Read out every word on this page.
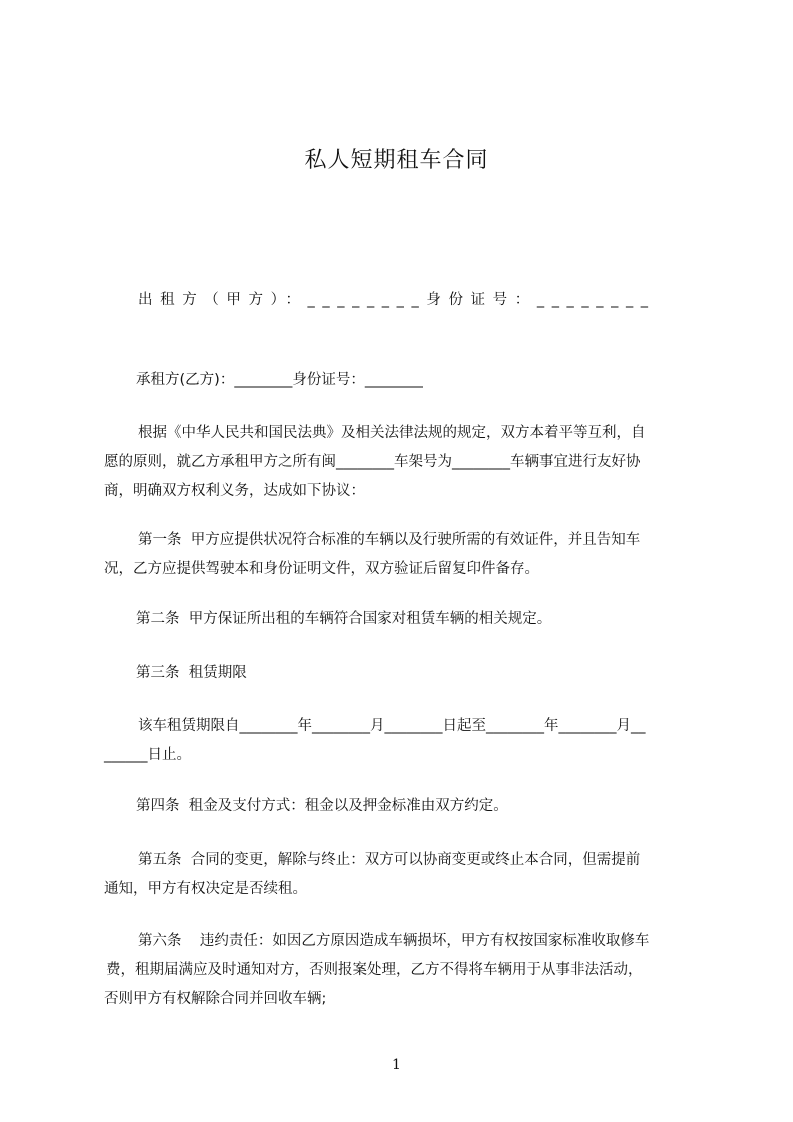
私人短期租车合同
出租方（甲方）：________身份证号：________
承租方(乙方)：________身份证号：________
根据《中华人民共和国民法典》及相关法律法规的规定，双方本着平等互利，自
愿的原则，就乙方承租甲方之所有闽________车架号为________车辆事宜进行友好协
商，明确双方权利义务，达成如下协议：
第一条  甲方应提供状况符合标准的车辆以及行驶所需的有效证件，并且告知车
况，乙方应提供驾驶本和身份证明文件，双方验证后留复印件备存。
第二条  甲方保证所出租的车辆符合国家对租赁车辆的相关规定。
第三条  租赁期限
该车租赁期限自________年________月________日起至________年________月__
______日止。
第四条  租金及支付方式：租金以及押金标准由双方约定。
第五条  合同的变更，解除与终止：双方可以协商变更或终止本合同，但需提前
通知，甲方有权决定是否续租。
第六条    违约责任：如因乙方原因造成车辆损坏，甲方有权按国家标准收取修车
费，租期届满应及时通知对方，否则报案处理，乙方不得将车辆用于从事非法活动，
否则甲方有权解除合同并回收车辆;
1
